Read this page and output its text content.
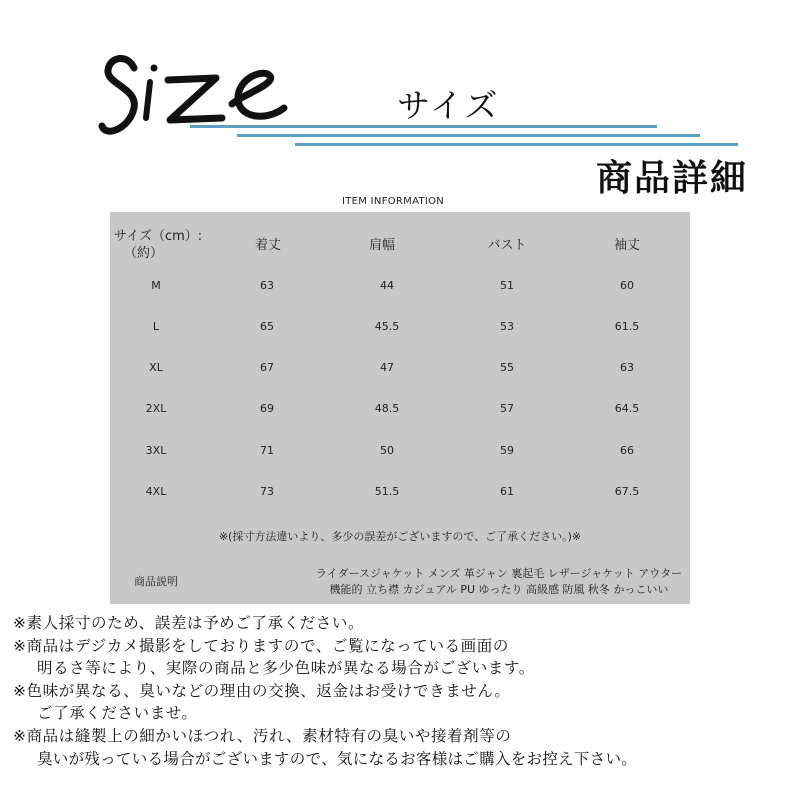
サイズ
商品詳細
ITEM INFORMATION
サイズ（cm）:
（約）
着丈	肩幅	バスト	袖丈
M	63	44	51	60
L	65	45.5	53	61.5
XL	67	47	55	63
2XL	69	48.5	57	64.5
3XL	71	50	59	66
4XL	73	51.5	61	67.5
※(採寸方法違いより、多少の誤差がございますので、ご了承ください。)※
商品説明
ライダースジャケット メンズ 革ジャン 裏起毛 レザージャケット アウター 機能的 立ち襟 カジュアル PU ゆったり 高級感 防風 秋冬 かっこいい
※素人採寸のため、誤差は予めご了承ください。
※商品はデジカメ撮影をしておりますので、ご覧になっている画面の
明るさ等により、実際の商品と多少色味が異なる場合がございます。
※色味が異なる、臭いなどの理由の交換、返金はお受けできません。
ご了承くださいませ。
※商品は縫製上の細かいほつれ、汚れ、素材特有の臭いや接着剤等の
臭いが残っている場合がございますので、気になるお客様はご購入をお控え下さい。
